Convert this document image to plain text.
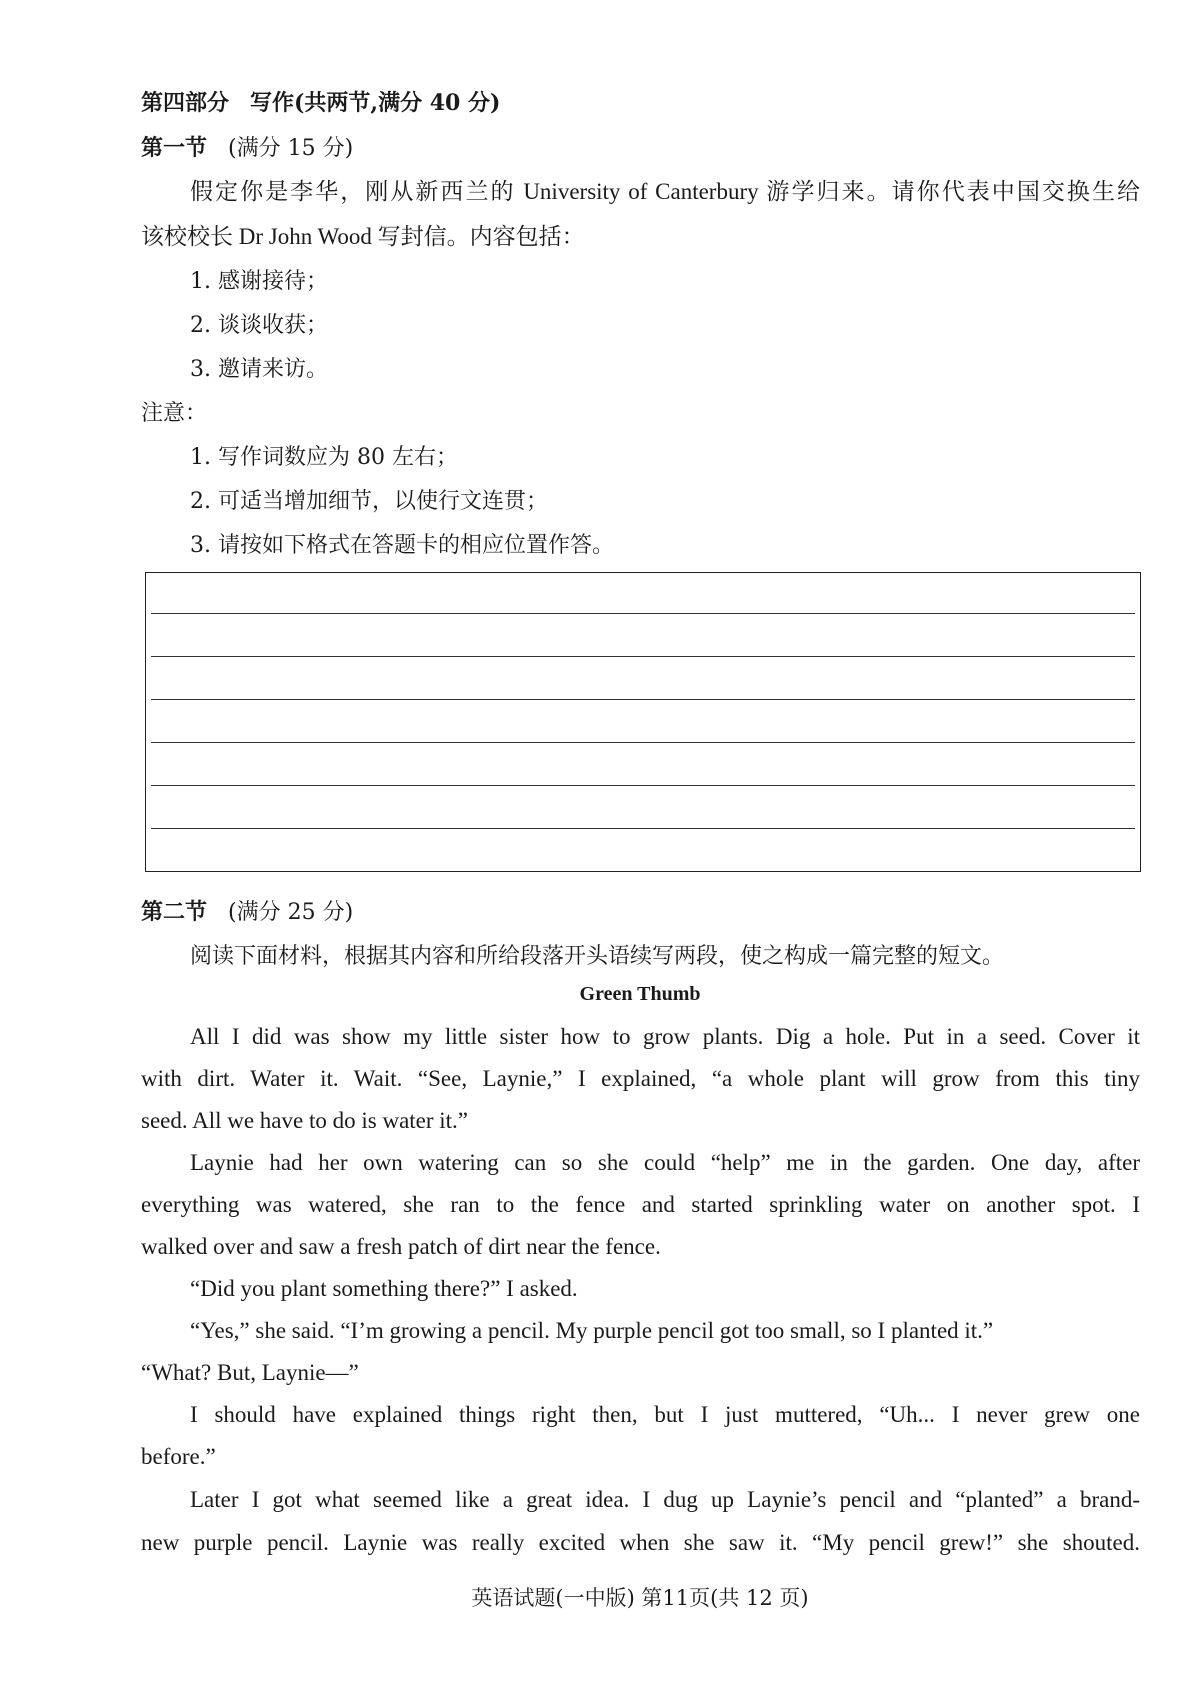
第四部分 写作(共两节,满分 40 分)
第一节 (满分 15 分)
假定你是李华，刚从新西兰的 University of Canterbury 游学归来。请你代表中国交换生给
该校校长 Dr John Wood 写封信。内容包括：
1. 感谢接待；
2. 谈谈收获；
3. 邀请来访。
注意：
1. 写作词数应为 80 左右；
2. 可适当增加细节，以使行文连贯；
3. 请按如下格式在答题卡的相应位置作答。
第二节 (满分 25 分)
阅读下面材料，根据其内容和所给段落开头语续写两段，使之构成一篇完整的短文。
Green Thumb
All I did was show my little sister how to grow plants. Dig a hole. Put in a seed. Cover it
with dirt. Water it. Wait. “See, Laynie,” I explained, “a whole plant will grow from this tiny
seed. All we have to do is water it.”
Laynie had her own watering can so she could “help” me in the garden. One day, after
everything was watered, she ran to the fence and started sprinkling water on another spot. I
walked over and saw a fresh patch of dirt near the fence.
“Did you plant something there?” I asked.
“Yes,” she said. “I’m growing a pencil. My purple pencil got too small, so I planted it.”
“What? But, Laynie—”
I should have explained things right then, but I just muttered, “Uh... I never grew one
before.”
Later I got what seemed like a great idea. I dug up Laynie’s pencil and “planted” a brand-
new purple pencil. Laynie was really excited when she saw it. “My pencil grew!” she shouted.
英语试题(一中版) 第11页(共 12 页)
